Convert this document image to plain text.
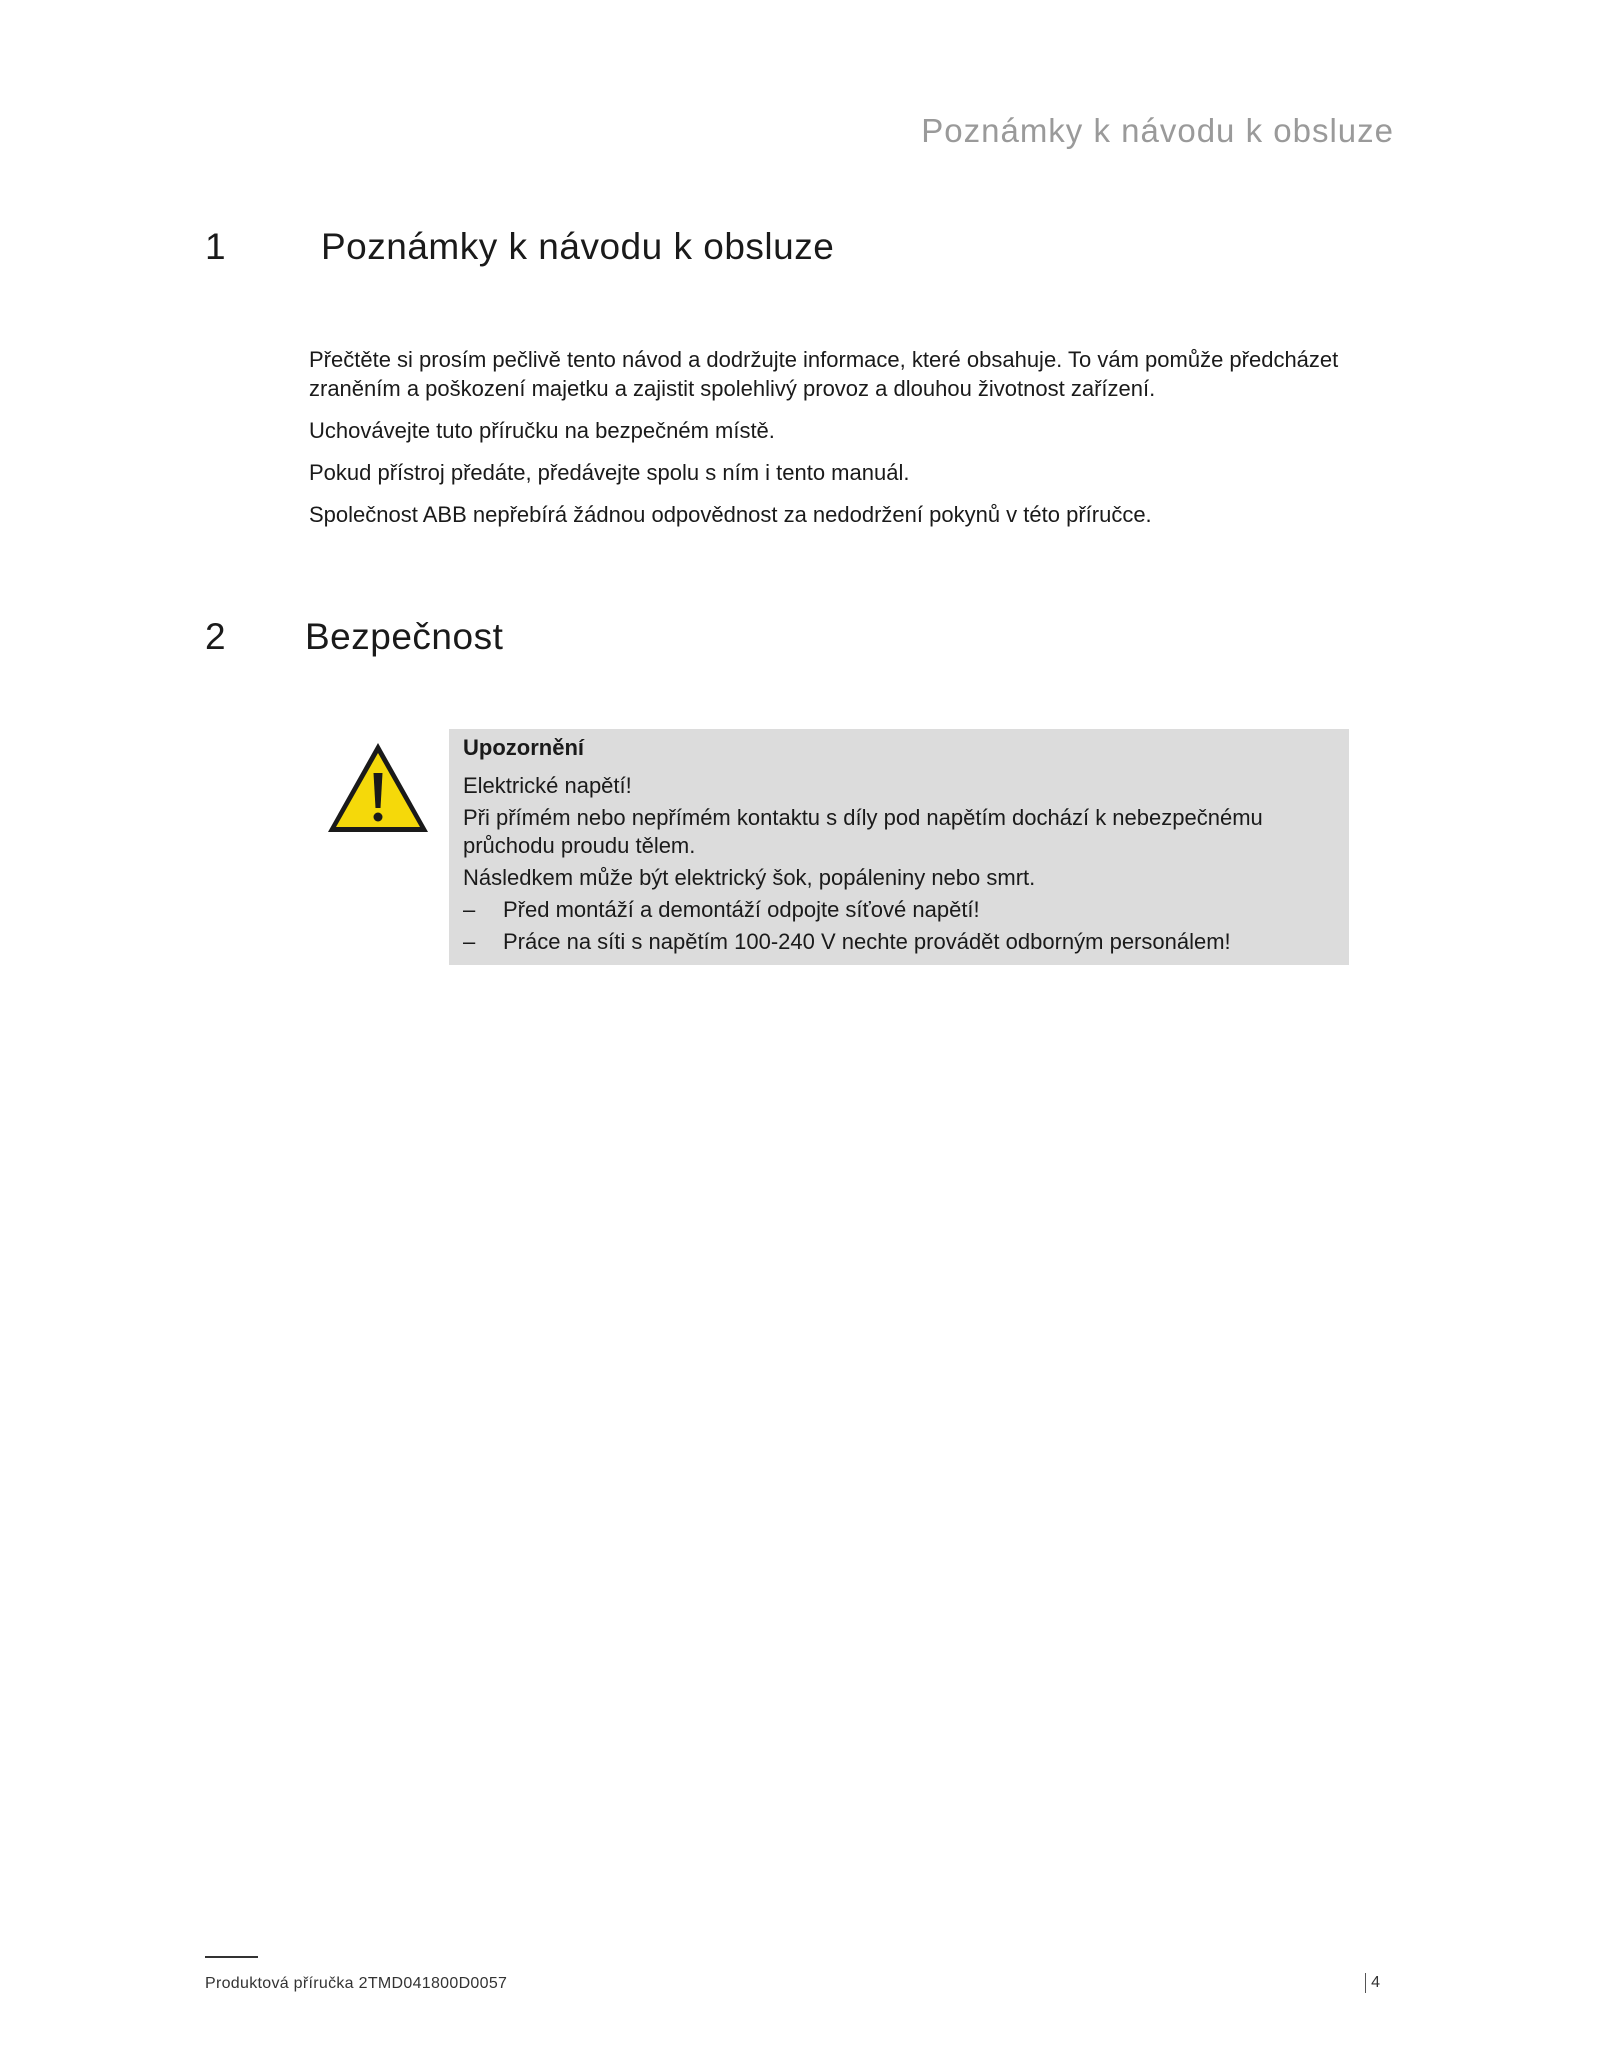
Poznámky k návodu k obsluze
1	Poznámky k návodu k obsluze

Přečtěte si prosím pečlivě tento návod a dodržujte informace, které obsahuje. To vám pomůže předcházet zraněním a poškození majetku a zajistit spolehlivý provoz a dlouhou životnost zařízení.

Uchovávejte tuto příručku na bezpečném místě.

Pokud přístroj předáte, předávejte spolu s ním i tento manuál.

Společnost ABB nepřebírá žádnou odpovědnost za nedodržení pokynů v této příručce.

2	Bezpečnost
Upozornění
Elektrické napětí!
Při přímém nebo nepřímém kontaktu s díly pod napětím dochází k nebezpečnému průchodu proudu tělem.
Následkem může být elektrický šok, popáleniny nebo smrt.
–	Před montáží a demontáží odpojte síťové napětí!
–	Práce na síti s napětím 100-240 V nechte provádět odborným personálem!
Produktová příručka 2TMD041800D0057	4
